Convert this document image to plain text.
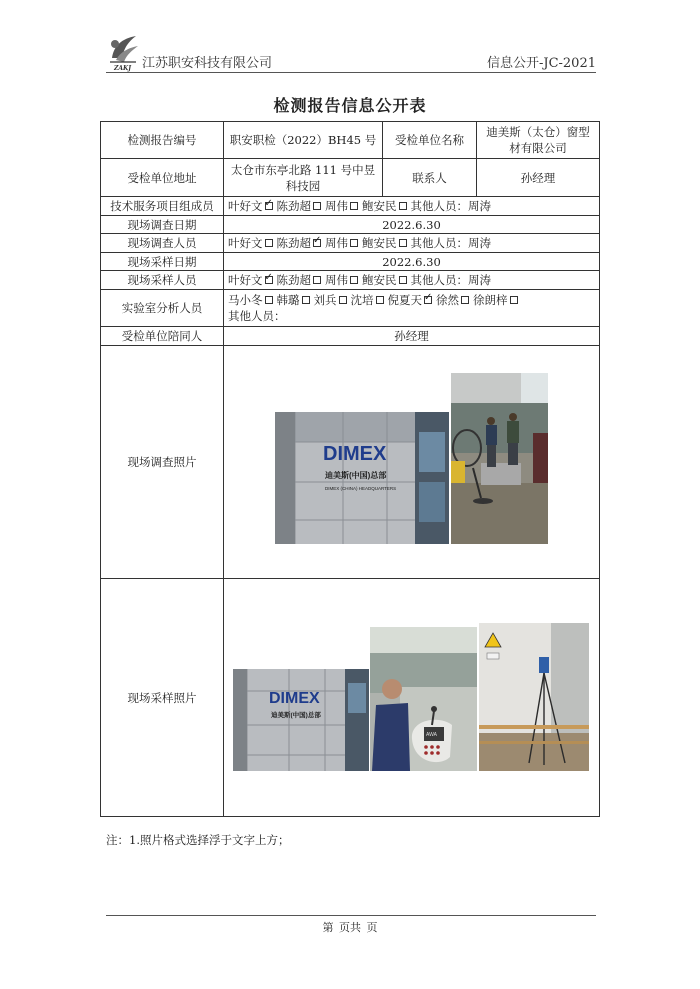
ZAKJ 江苏职安科技有限公司	信息公开-JC-2021
检测报告信息公开表
检测报告编号	职安职检（2022）BH45 号	受检单位名称	迪美斯（太仓）窗型材有限公司
受检单位地址	太仓市东亭北路 111 号中昱科技园	联系人	孙经理
技术服务项目组成员	叶好文 ✓ 陈劲超 周伟 鲍安民 其他人员：周涛
现场调查日期	2022.6.30		
现场调查人员	叶好文 陈劲超 ✓ 周伟 鲍安民 其他人员：周涛
现场采样日期	2022.6.30		
现场采样人员	叶好文 ✓ 陈劲超 周伟 鲍安民 其他人员：周涛
实验室分析人员	马小冬 韩璐 刘兵 沈培 倪夏天 ✓ 徐然 徐朗梓
其他人员：
受检单位陪同人	孙经理		
现场调查照片	DIMEX
迪美斯(中国)总部
DIMEX (CHINA) HEADQUARTERS		

现场采样照片	DIMEX
迪美斯(中国)总部
AWA		
注：1.照片格式选择浮于文字上方；
第 页共 页
